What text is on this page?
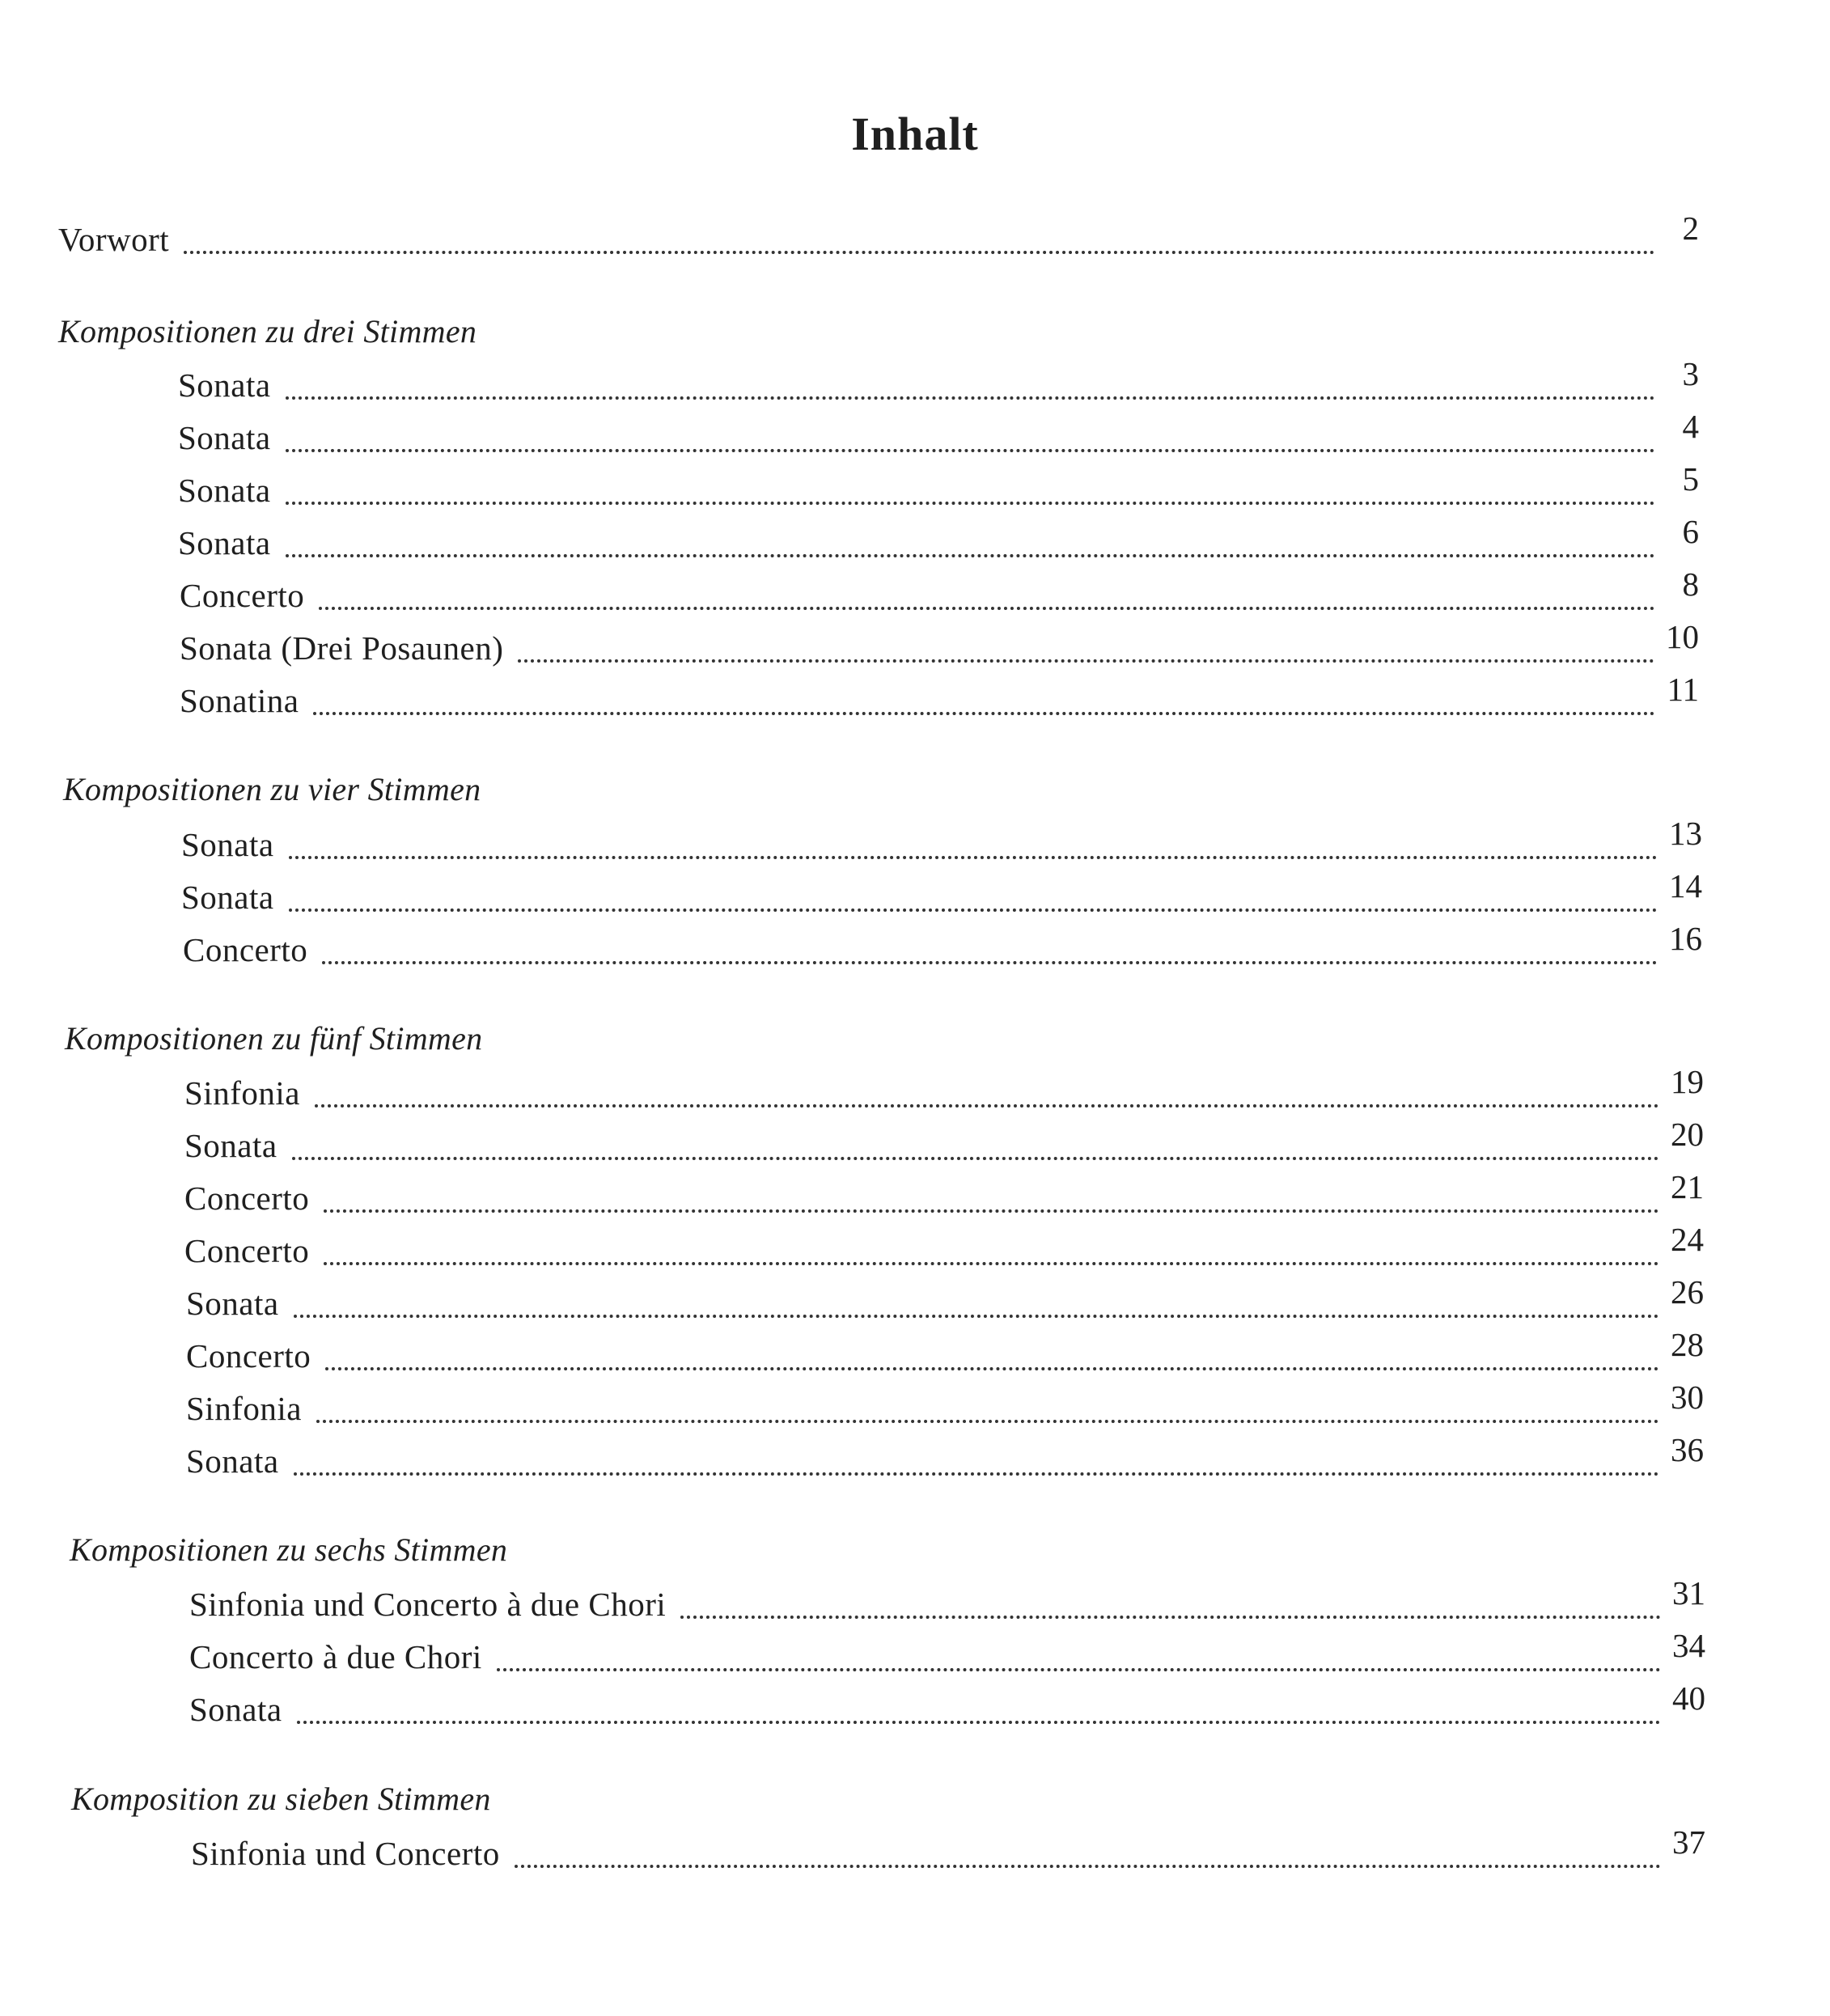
Inhalt
Vorwort	2
Kompositionen zu drei Stimmen
Sonata	3
Sonata	4
Sonata	5
Sonata	6
Concerto	8
Sonata (Drei Posaunen)	10
Sonatina	11
Kompositionen zu vier Stimmen
Sonata	13
Sonata	14
Concerto	16
Kompositionen zu fünf Stimmen
Sinfonia	19
Sonata	20
Concerto	21
Concerto	24
Sonata	26
Concerto	28
Sinfonia	30
Sonata	36
Kompositionen zu sechs Stimmen
Sinfonia und Concerto à due Chori	31
Concerto à due Chori	34
Sonata	40
Komposition zu sieben Stimmen
Sinfonia und Concerto	37
